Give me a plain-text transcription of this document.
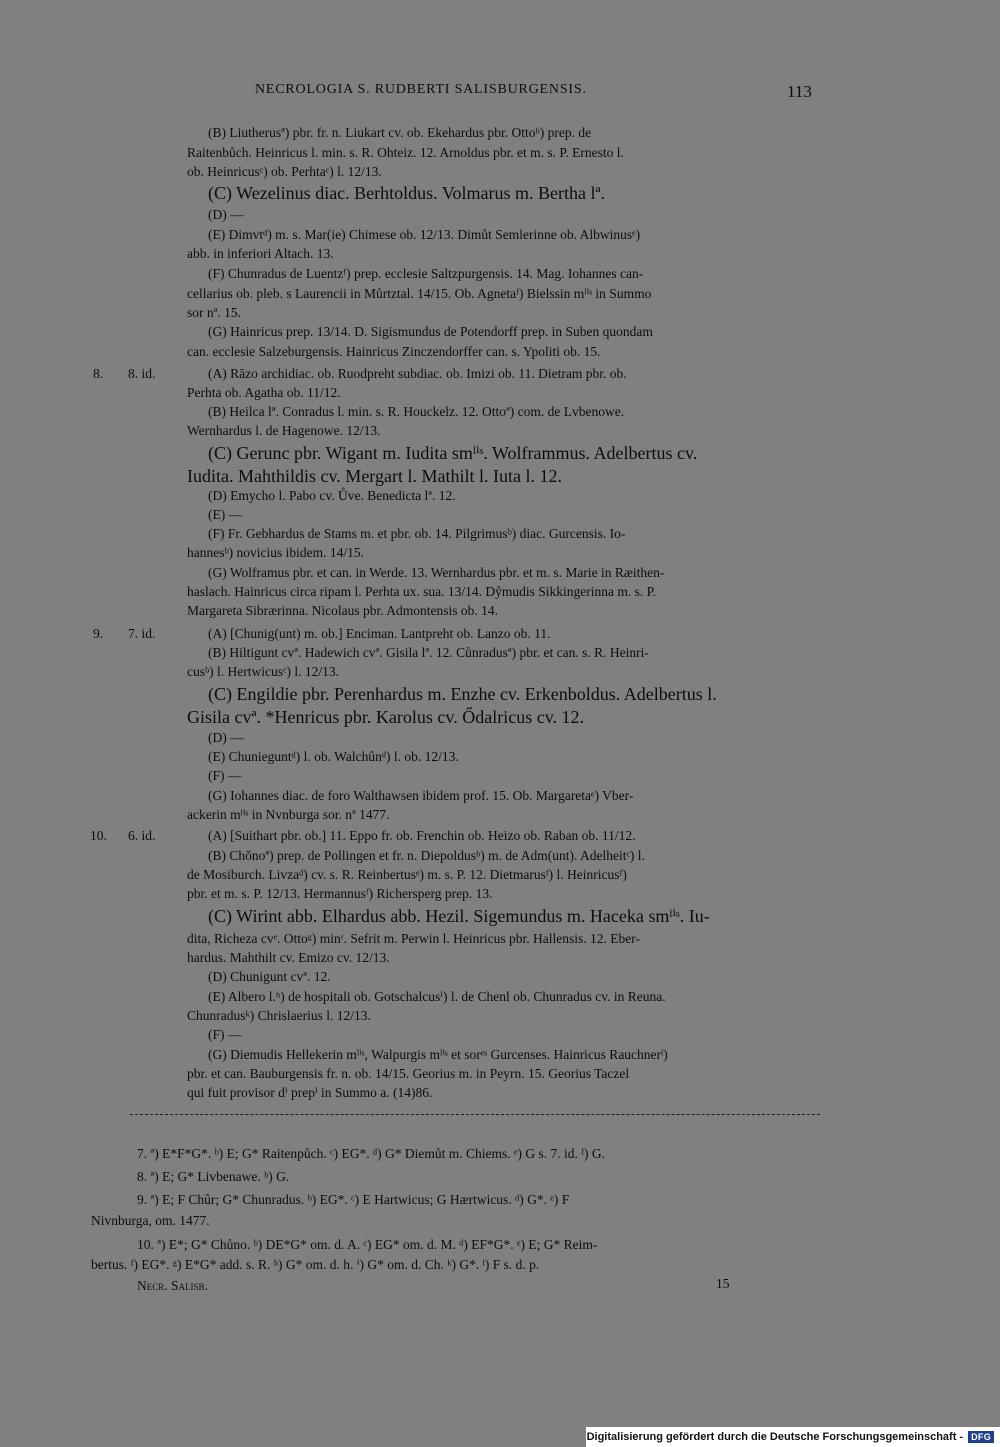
NECROLOGIA S. RUDBERTI SALISBURGENSIS.	113
8. 8. id.
9. 7. id.
10. 6. id.
(B) Liutherusª) pbr. fr. n. Liukart cv. ob. Ekehardus pbr. Ottoᵇ) prep. de
Raitenbůch. Heinricus l. min. s. R. Ohteiz. 12. Arnoldus pbr. et m. s. P. Ernesto l.
ob. Heinricusᶜ) ob. Perhtaᶜ) l. 12/13.
(C) Wezelinus diac. Berhtoldus. Volmarus m. Bertha lª.
(D) —
(E) Dimvtᵈ) m. s. Mar(ie) Chimese ob. 12/13. Dimůt Semlerinne ob. Albwinusᵉ)
abb. in inferiori Altach. 13.
(F) Chunradus de Luentzᶠ) prep. ecclesie Saltzpurgensis. 14. Mag. Iohannes can-
cellarius ob. pleb. s Laurencii in Můrtztal. 14/15. Ob. Agnetaᶠ) Bielssin mˡⁱˢ in Summo
sor nª. 15.
(G) Hainricus prep. 13/14. D. Sigismundus de Potendorff prep. in Suben quondam
can. ecclesie Salzeburgensis. Hainricus Zinczendorffer can. s. Ypoliti ob. 15.
(A) Rāzo archidiac. ob. Ruodpreht subdiac. ob. Imizi ob. 11. Dietram pbr. ob.
Perhta ob. Agatha ob. 11/12.
(B) Heilca lª. Conradus l. min. s. R. Houckelz. 12. Ottoª) com. de Lvbenowe.
Wernhardus l. de Hagenowe. 12/13.
(C) Gerunc pbr. Wigant m. Iudita smˡⁱˢ. Wolframmus. Adelbertus cv.
Iudita. Mahthildis cv. Mergart l. Mathilt l. Iuta l. 12.
(D) Emycho l. Pabo cv. Ůve. Benedicta lª. 12.
(E) —
(F) Fr. Gebhardus de Stams m. et pbr. ob. 14. Pilgrimusᵇ) diac. Gurcensis. Io-
hannesᵇ) novicius ibidem. 14/15.
(G) Wolframus pbr. et can. in Werde. 13. Wernhardus pbr. et m. s. Marie in Ræithen-
haslach. Hainricus circa ripam l. Perhta ux. sua. 13/14. Dẙmudis Sikkingerinna m. s. P.
Margareta Sibrærinna. Nicolaus pbr. Admontensis ob. 14.
(A) [Chunig(unt) m. ob.] Enciman. Lantpreht ob. Lanzo ob. 11.
(B) Hiltigunt cvª. Hadewich cvª. Gisila lª. 12. Cůnradusª) pbr. et can. s. R. Heinri-
cusᵇ) l. Hertwicusᶜ) l. 12/13.
(C) Engildie pbr. Perenhardus m. Enzhe cv. Erkenboldus. Adelbertus l.
Gisila cvª. *Henricus pbr. Karolus cv. Ődalricus cv. 12.
(D) —
(E) Chunieguntᵈ) l. ob. Walchûnᵈ) l. ob. 12/13.
(F) —
(G) Iohannes diac. de foro Walthawsen ibidem prof. 15. Ob. Margaretaᵉ) Vber-
ackerin mˡⁱˢ in Nvnburga sor. nª 1477.
(A) [Suithart pbr. ob.] 11. Eppo fr. ob. Frenchin ob. Heizo ob. Raban ob. 11/12.
(B) Chŏnoª) prep. de Pollingen et fr. n. Diepoldusᵇ) m. de Adm(unt). Adelheitᶜ) l.
de Mosiburch. Livzaᵈ) cv. s. R. Reinbertusᵉ) m. s. P. 12. Dietmarusᶠ) l. Heinricusᶠ)
pbr. et m. s. P. 12/13. Hermannusᶠ) Richersperg prep. 13.
(C) Wirint abb. Elhardus abb. Hezil. Sigemundus m. Haceka smˡⁱˢ. Iu-
dita, Richeza cvᵉ. Ottoᵍ) minʳ. Sefrit m. Perwin l. Heinricus pbr. Hallensis. 12. Eber-
hardus. Mahthilt cv. Emizo cv. 12/13.
(D) Chunigunt cvª. 12.
(E) Albero l.ʰ) de hospitali ob. Gotschalcusⁱ) l. de Chenl ob. Chunradus cv. in Reuna.
Chunradusᵏ) Chrislaerius l. 12/13.
(F) —
(G) Diemudis Hellekerin mˡⁱˢ, Walpurgis mˡⁱˢ et sorᵉˢ Gurcenses. Hainricus Rauchnerˡ)
pbr. et can. Bauburgensis fr. n. ob. 14/15. Georius m. in Peyrn. 15. Georius Taczel
qui fuit provisor dⁱ prepⁱ in Summo a. (14)86.
7. ª) E*F*G*. ᵇ) E; G* Raitenpůch. ᶜ) EG*. ᵈ) G* Diemůt m. Chiems. ᵉ) G s. 7. id. ᶠ) G.
8. ª) E; G* Livbenawe. ᵇ) G.
9. ª) E; F Chûr; G* Chunradus. ᵇ) EG*. ᶜ) E Hartwicus; G Hærtwicus. ᵈ) G*. ᵉ) F
Nivnburga, om. 1477.
10. ª) E*; G* Chůno. ᵇ) DE*G* om. d. A. ᶜ) EG* om. d. M. ᵈ) EF*G*. ᵉ) E; G* Reim-
bertus. ᶠ) EG*. ᵍ) E*G* add. s. R. ʰ) G* om. d. h. ⁱ) G* om. d. Ch. ᵏ) G*. ˡ) F s. d. p.
Necr. Salisb.	15
Digitalisierung gefördert durch die Deutsche Forschungsgemeinschaft - DFG
